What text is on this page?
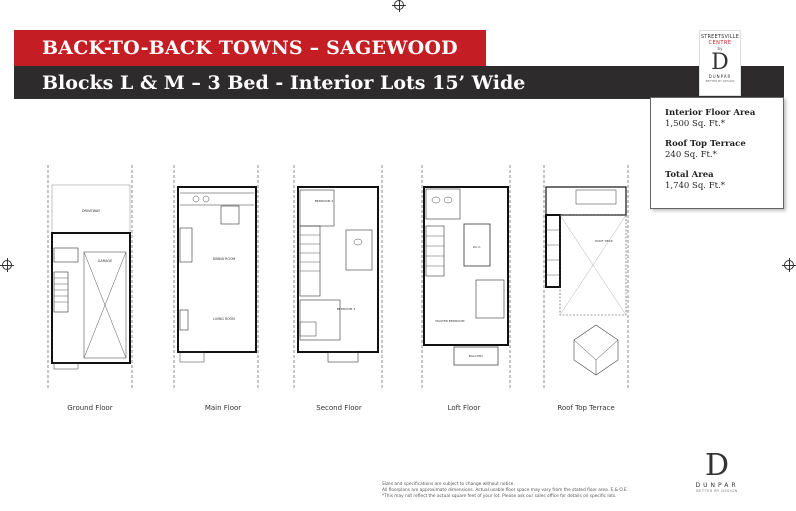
BACK-TO-BACK TOWNS – SAGEWOOD
Blocks L & M – 3 Bed - Interior Lots 15’ Wide
STREETSVILLE
CENTRE
by
D
DUNPAR
BETTER BY DESIGN
Interior Floor Area
1,500 Sq. Ft.*
Roof Top Terrace
240 Sq. Ft.*
Total Area
1,740 Sq. Ft.*
DRIVEWAY
GARAGE	DINING ROOM
LIVING ROOM
BEDROOM 2
BEDROOM 3
W.I.C.
MASTER BEDROOM
BALCONY
ROOF DECK
Ground Floor	Main Floor	Second Floor	Loft Floor	Roof Top Terrace
Sizes and specifications are subject to change without notice.
All floorplans are approximate dimensions. Actual usable floor space may vary from the stated floor area. E.& O.E.
*This may not reflect the actual square feet of your lot. Please ask our sales office for details on specific lots.
D
DUNPAR
BETTER BY DESIGN
